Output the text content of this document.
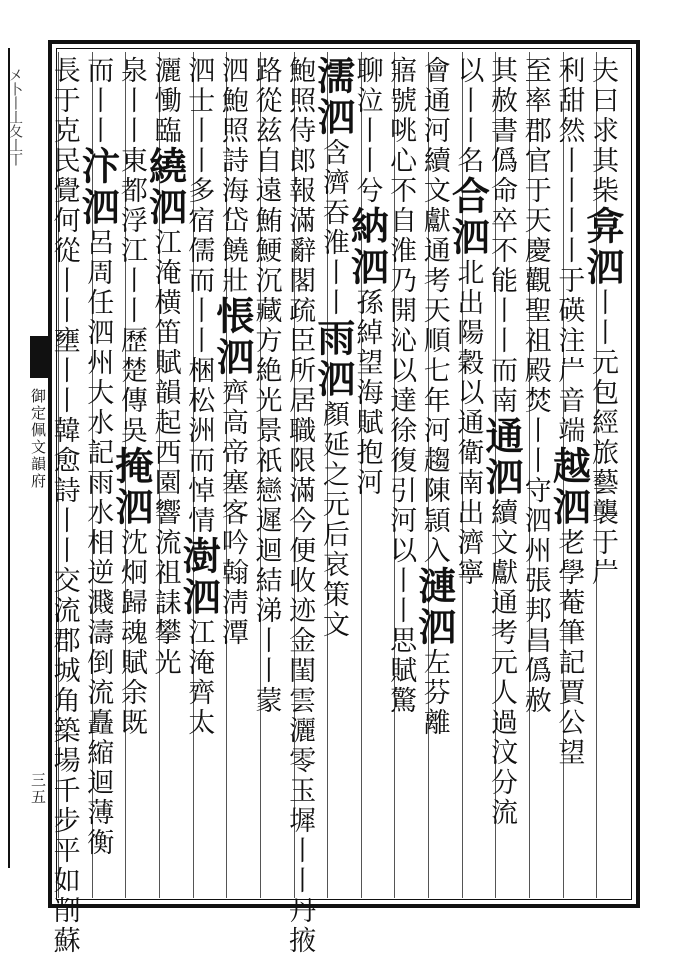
㐅卜丨丄夂丄丅
御定佩文韻府
三五
夫曰求其柴弇泗丨丨元包經旅藝襲于屵
利甜然丨丨丨丨于碤注屵音端越泗老學菴筆記賈公望
至率郡官于天慶觀聖祖殿焚丨丨守泗州張邦昌僞赦
其赦書僞命卒不能丨丨而南通泗續文獻通考元人過汶分流
以丨丨名合泗北出陽穀以通衛南出濟寧
會通河續文獻通考天順七年河趨陳頴入漣泗左芬離
寤號咷心不自淮乃開沁以達徐復引河以丨丨思賦驚
聊泣丨丨兮納泗孫綽望海賦抱河
濡泗含濟吞淮丨丨雨泗顏延之元后哀策文
鮑照侍郎報滿辭閣疏臣所居職限滿今便收迹金閨雲灑零玉墀丨丨丹掖
路從兹自遠鮪鯁沉藏方絶光景祇戀遲迴結涕丨丨蒙
泗鮑照詩海岱饒壯悵泗齊高帝塞客吟翰淸潭
泗士丨丨多宿儒而丨丨梱松洲而悼情澍泗江淹齊太
灑慟臨繞泗江淹横笛賦韻起西園響流祖誄攀光
泉丨丨東都浮江丨丨歷楚傳吳掩泗沈炯歸魂賦余既
而丨丨汴泗呂周任泗州大水記雨水相逆濺濤倒流矗縮迴薄衡
長于克民覺何從丨丨壅丨丨韓愈詩丨丨交流郡城角築場千步平如削蘇
